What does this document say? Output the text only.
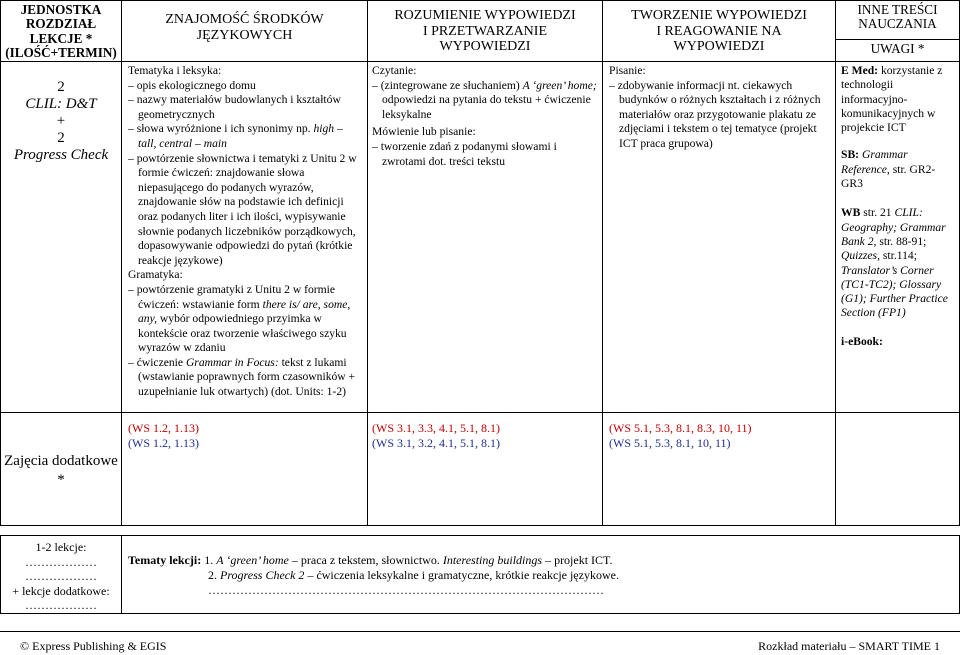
JEDNOSTKA
ROZDZIAŁ
LEKCJE *
(ILOŚĆ+TERMIN)
ZNAJOMOŚĆ ŚRODKÓW
JĘZYKOWYCH
ROZUMIENIE WYPOWIEDZI
I PRZETWARZANIE
WYPOWIEDZI
TWORZENIE WYPOWIEDZI
I REAGOWANIE NA
WYPOWIEDZI
INNE TREŚCI
NAUCZANIA
UWAGI *
2
CLIL: D&T
+
2
Progress Check
Tematyka i leksyka:
– opis ekologicznego domu
– nazwy materiałów budowlanych i kształtów geometrycznych
– słowa wyróżnione i ich synonimy np. high – tall, central – main
– powtórzenie słownictwa i tematyki z Unitu 2 w formie ćwiczeń: znajdowanie słowa niepasującego do podanych wyrazów, znajdowanie słów na podstawie ich definicji oraz podanych liter i ich ilości, wypisywanie słownie podanych liczebników porządkowych, dopasowywanie odpowiedzi do pytań (krótkie reakcje językowe)
Gramatyka:
– powtórzenie gramatyki z Unitu 2 w formie ćwiczeń: wstawianie form there is/ are, some, any, wybór odpowiedniego przyimka w kontekście oraz tworzenie właściwego szyku wyrazów w zdaniu
– ćwiczenie Grammar in Focus: tekst z lukami (wstawianie poprawnych form czasowników + uzupełnianie luk otwartych) (dot. Units: 1-2)
(WS 1.2, 1.13)
(WS 1.2, 1.13)
Czytanie:
– (zintegrowane ze słuchaniem) A ‘green’ home; odpowiedzi na pytania do tekstu + ćwiczenie leksykalne
Mówienie lub pisanie:
– tworzenie zdań z podanymi słowami i zwrotami dot. treści tekstu
(WS 3.1, 3.3, 4.1, 5.1, 8.1)
(WS 3.1, 3.2, 4.1, 5.1, 8.1)
Pisanie:
– zdobywanie informacji nt. ciekawych budynków o różnych kształtach i z różnych materiałów oraz przygotowanie plakatu ze zdjęciami i tekstem o tej tematyce (projekt ICT praca grupowa)
(WS 5.1, 5.3, 8.1, 8.3, 10, 11)
(WS 5.1, 5.3, 8.1, 10, 11)
E Med: korzystanie z technologii informacyjno-komunikacyjnych w projekcie ICT
SB: Grammar Reference, str. GR2-GR3
WB str. 21 CLIL: Geography; Grammar Bank 2, str. 88-91; Quizzes, str.114; Translator’s Corner (TC1-TC2); Glossary (G1); Further Practice Section (FP1)
i-eBook:
Zajęcia dodatkowe *
1-2 lekcje:
………………
………………
+ lekcje dodatkowe:
………………
Tematy lekcji: 1. A ‘green’ home – praca z tekstem, słownictwo. Interesting buildings – projekt ICT.
2. Progress Check 2 – ćwiczenia leksykalne i gramatyczne, krótkie reakcje językowe.
………………………………………………………………………………………
© Express Publishing & EGIS	Rozkład materiału – SMART TIME 1
